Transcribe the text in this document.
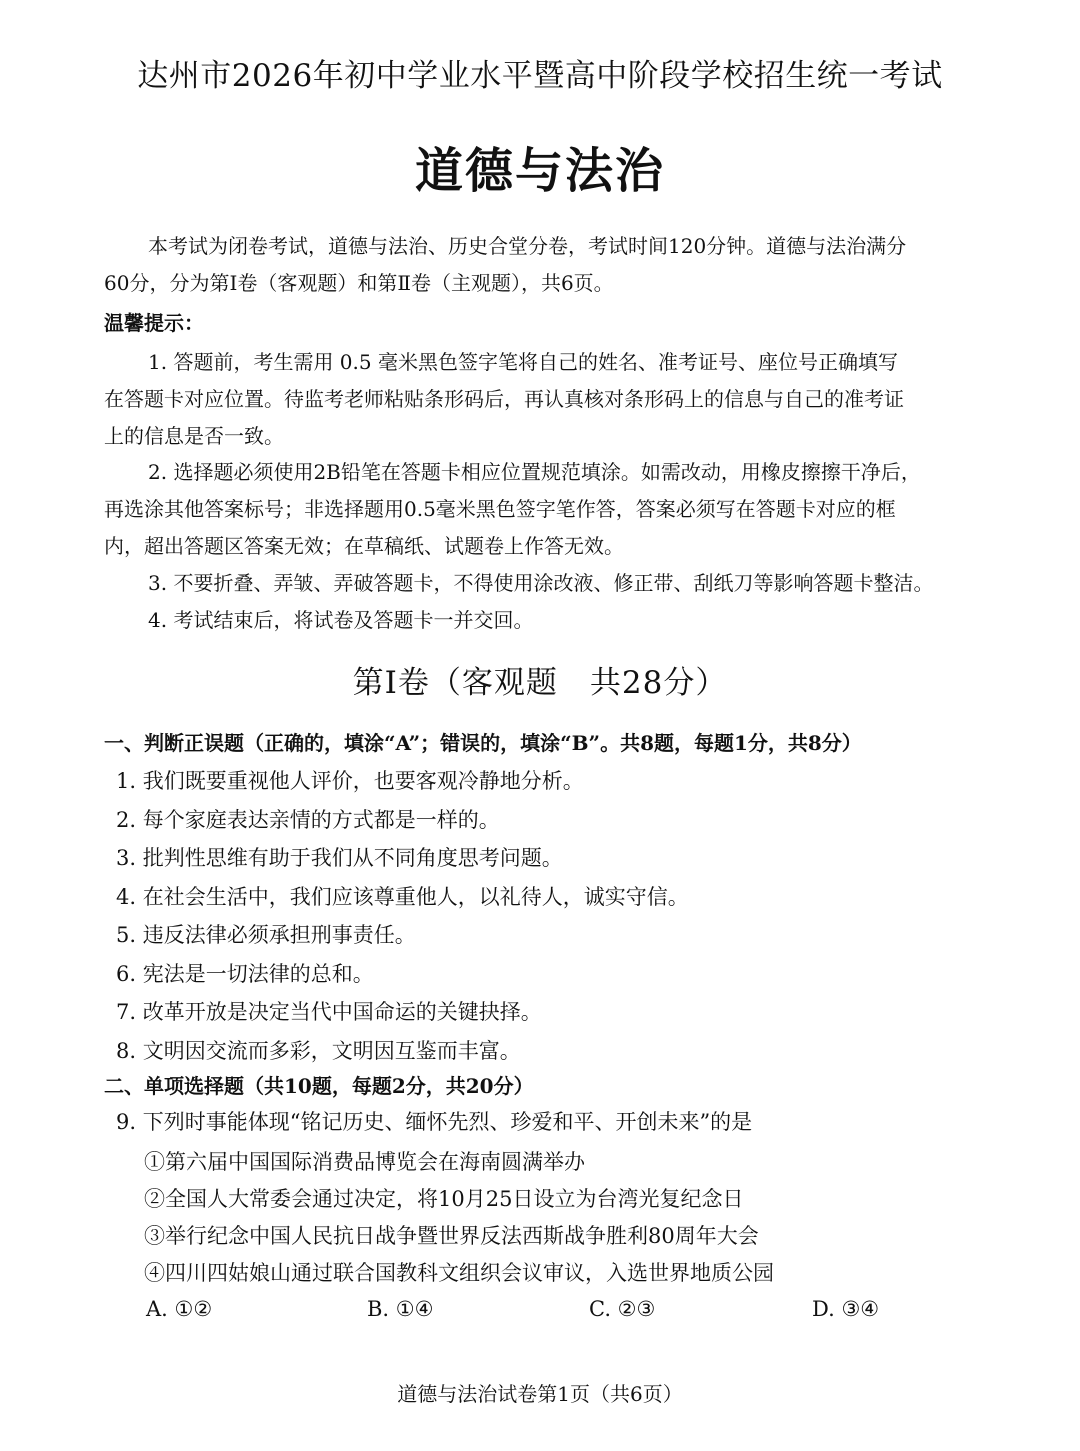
达州市2026年初中学业水平暨高中阶段学校招生统一考试
道德与法治
本考试为闭卷考试，道德与法治、历史合堂分卷，考试时间120分钟。道德与法治满分
60分，分为第Ⅰ卷（客观题）和第Ⅱ卷（主观题），共6页。
温馨提示：
1. 答题前，考生需用 0.5 毫米黑色签字笔将自己的姓名、准考证号、座位号正确填写
在答题卡对应位置。待监考老师粘贴条形码后，再认真核对条形码上的信息与自己的准考证
上的信息是否一致。
2. 选择题必须使用2B铅笔在答题卡相应位置规范填涂。如需改动，用橡皮擦擦干净后，
再选涂其他答案标号；非选择题用0.5毫米黑色签字笔作答，答案必须写在答题卡对应的框
内，超出答题区答案无效；在草稿纸、试题卷上作答无效。
3. 不要折叠、弄皱、弄破答题卡，不得使用涂改液、修正带、刮纸刀等影响答题卡整洁。
4. 考试结束后，将试卷及答题卡一并交回。
第Ⅰ卷（客观题　共28分）
一、判断正误题（正确的，填涂“A”；错误的，填涂“B”。共8题，每题1分，共8分）
1. 我们既要重视他人评价，也要客观冷静地分析。
2. 每个家庭表达亲情的方式都是一样的。
3. 批判性思维有助于我们从不同角度思考问题。
4. 在社会生活中，我们应该尊重他人，以礼待人，诚实守信。
5. 违反法律必须承担刑事责任。
6. 宪法是一切法律的总和。
7. 改革开放是决定当代中国命运的关键抉择。
8. 文明因交流而多彩，文明因互鉴而丰富。
二、单项选择题（共10题，每题2分，共20分）
9. 下列时事能体现“铭记历史、缅怀先烈、珍爱和平、开创未来”的是
①第六届中国国际消费品博览会在海南圆满举办
②全国人大常委会通过决定，将10月25日设立为台湾光复纪念日
③举行纪念中国人民抗日战争暨世界反法西斯战争胜利80周年大会
④四川四姑娘山通过联合国教科文组织会议审议，入选世界地质公园
A. ①②	B. ①④	C. ②③	D. ③④
道德与法治试卷第1页（共6页）
